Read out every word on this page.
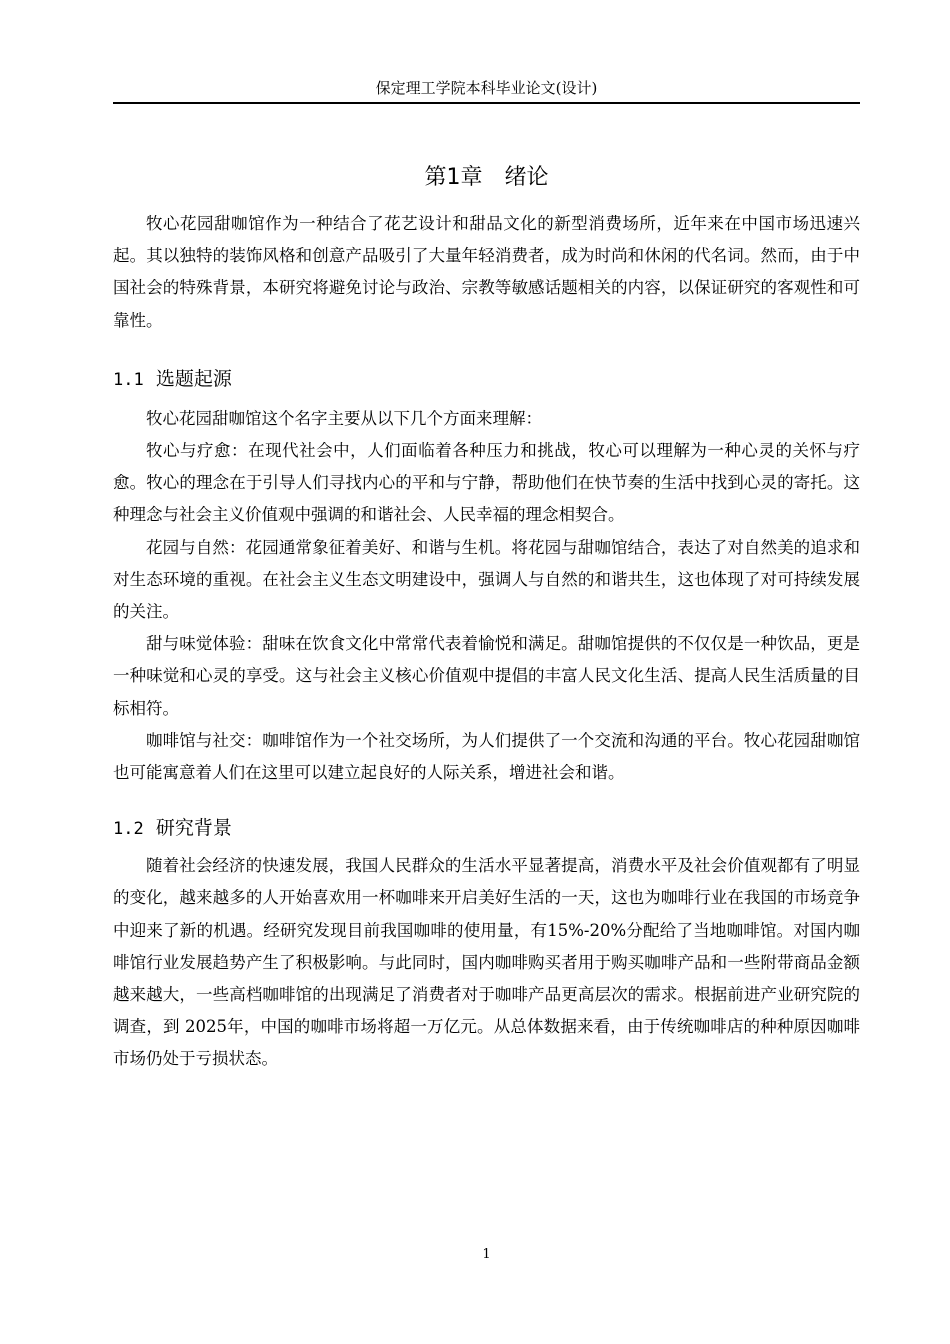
保定理工学院本科毕业论文(设计)
第1章 绪论

牧心花园甜咖馆作为一种结合了花艺设计和甜品文化的新型消费场所，近年来在中国市场迅速兴起。其以独特的装饰风格和创意产品吸引了大量年轻消费者，成为时尚和休闲的代名词。然而，由于中国社会的特殊背景，本研究将避免讨论与政治、宗教等敏感话题相关的内容，以保证研究的客观性和可靠性。

1.1 选题起源

牧心花园甜咖馆这个名字主要从以下几个方面来理解：

牧心与疗愈：在现代社会中，人们面临着各种压力和挑战，牧心可以理解为一种心灵的关怀与疗愈。牧心的理念在于引导人们寻找内心的平和与宁静，帮助他们在快节奏的生活中找到心灵的寄托。这种理念与社会主义价值观中强调的和谐社会、人民幸福的理念相契合。

花园与自然：花园通常象征着美好、和谐与生机。将花园与甜咖馆结合，表达了对自然美的追求和对生态环境的重视。在社会主义生态文明建设中，强调人与自然的和谐共生，这也体现了对可持续发展的关注。

甜与味觉体验：甜味在饮食文化中常常代表着愉悦和满足。甜咖馆提供的不仅仅是一种饮品，更是一种味觉和心灵的享受。这与社会主义核心价值观中提倡的丰富人民文化生活、提高人民生活质量的目标相符。

咖啡馆与社交：咖啡馆作为一个社交场所，为人们提供了一个交流和沟通的平台。牧心花园甜咖馆也可能寓意着人们在这里可以建立起良好的人际关系，增进社会和谐。

1.2 研究背景

随着社会经济的快速发展，我国人民群众的生活水平显著提高，消费水平及社会价值观都有了明显的变化，越来越多的人开始喜欢用一杯咖啡来开启美好生活的一天，这也为咖啡行业在我国的市场竞争中迎来了新的机遇。经研究发现目前我国咖啡的使用量，有15%-20%分配给了当地咖啡馆。对国内咖啡馆行业发展趋势产生了积极影响。与此同时，国内咖啡购买者用于购买咖啡产品和一些附带商品金额越来越大，一些高档咖啡馆的出现满足了消费者对于咖啡产品更高层次的需求。根据前进产业研究院的调查，到 2025年，中国的咖啡市场将超一万亿元。从总体数据来看，由于传统咖啡店的种种原因咖啡市场仍处于亏损状态。

1
